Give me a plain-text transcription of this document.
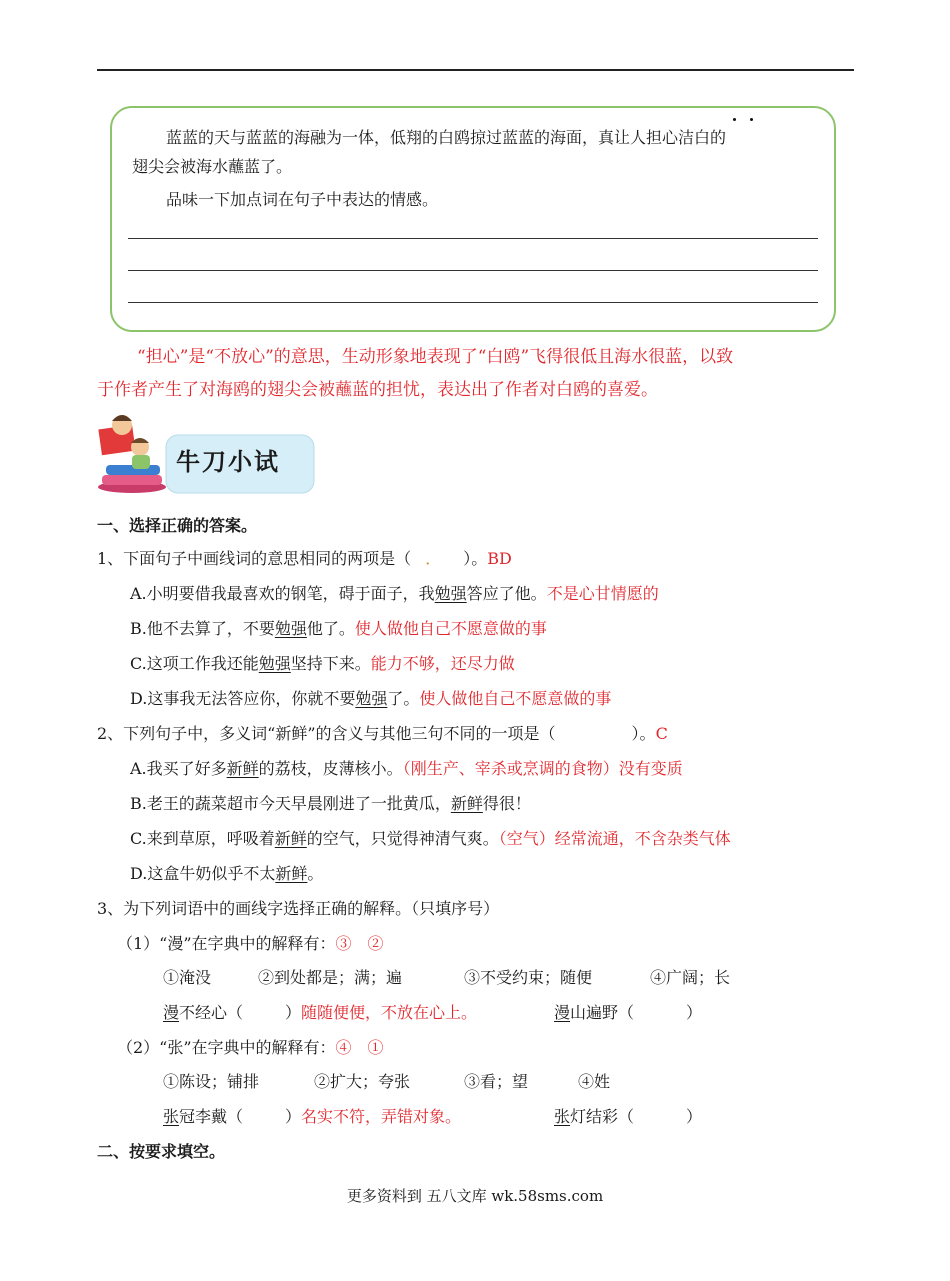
蓝蓝的天与蓝蓝的海融为一体，低翔的白鸥掠过蓝蓝的海面，真让人担心洁白的
翅尖会被海水蘸蓝了。
品味一下加点词在句子中表达的情感。
“担心”是“不放心”的意思，生动形象地表现了“白鸥”飞得很低且海水很蓝，以致
于作者产生了对海鸥的翅尖会被蘸蓝的担忧，表达出了作者对白鸥的喜爱。
牛刀小试
一、选择正确的答案。
1、下面句子中画线词的意思相同的两项是（ ． ）。BD
A.小明要借我最喜欢的钢笔，碍于面子，我勉强答应了他。不是心甘情愿的
B.他不去算了，不要勉强他了。使人做他自己不愿意做的事
C.这项工作我还能勉强坚持下来。能力不够，还尽力做
D.这事我无法答应你，你就不要勉强了。使人做他自己不愿意做的事
2、下列句子中，多义词“新鲜”的含义与其他三句不同的一项是（	）。C
A.我买了好多新鲜的荔枝，皮薄核小。（刚生产、宰杀或烹调的食物）没有变质
B.老王的蔬菜超市今天早晨刚进了一批黄瓜，新鲜得很！
C.来到草原，呼吸着新鲜的空气，只觉得神清气爽。（空气）经常流通，不含杂类气体
D.这盒牛奶似乎不太新鲜。
3、为下列词语中的画线字选择正确的解释。（只填序号）
（1）“漫”在字典中的解释有：③　②
①淹没	②到处都是；满；遍	③不受约束；随便	④广阔；长
漫不经心（	）随随便便，不放在心上。	漫山遍野（	）
（2）“张”在字典中的解释有：④　①
①陈设；铺排	②扩大；夸张	③看；望	④姓
张冠李戴（	）名实不符，弄错对象。	张灯结彩（	）
二、按要求填空。
更多资料到 五八文库 wk.58sms.com
